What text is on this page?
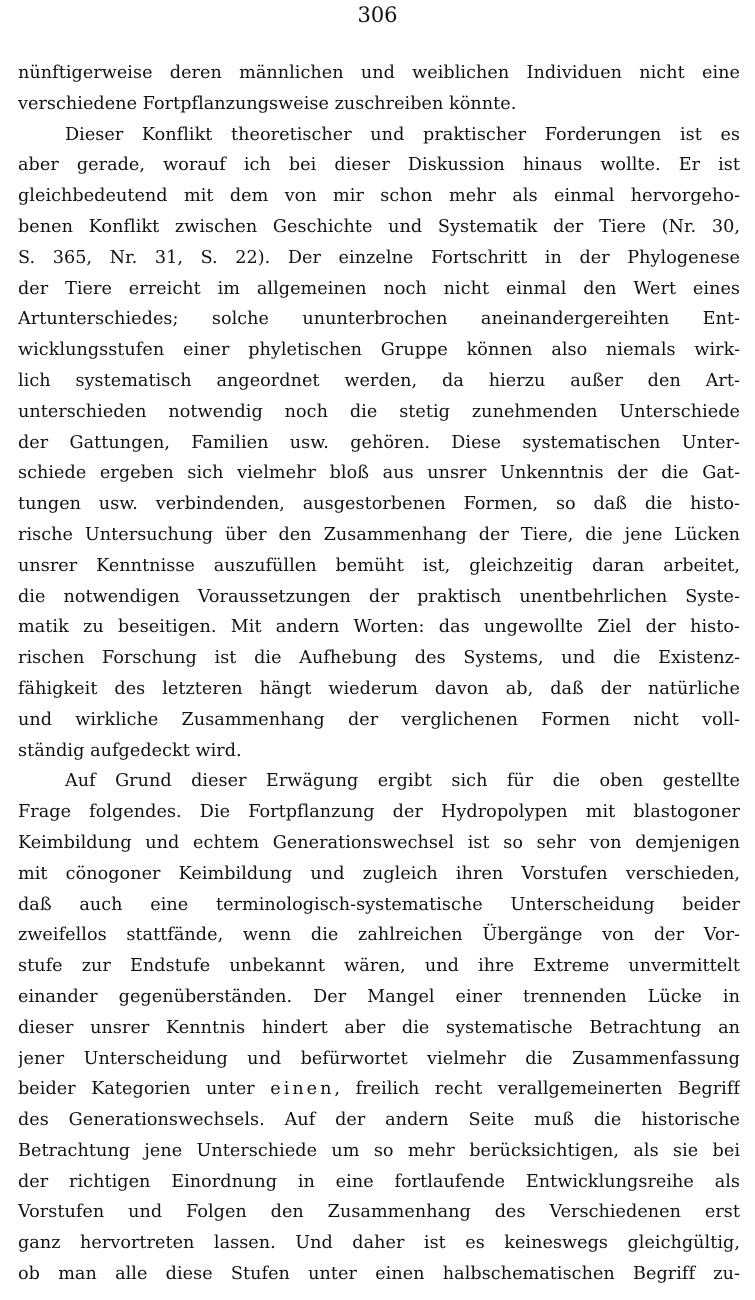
306
nünftigerweise deren männlichen und weiblichen Individuen nicht eine
verschiedene Fortpflanzungsweise zuschreiben könnte.
Dieser Konflikt theoretischer und praktischer Forderungen ist es
aber gerade, worauf ich bei dieser Diskussion hinaus wollte. Er ist
gleichbedeutend mit dem von mir schon mehr als einmal hervorgeho-
benen Konflikt zwischen Geschichte und Systematik der Tiere (Nr. 30,
S. 365, Nr. 31, S. 22). Der einzelne Fortschritt in der Phylogenese
der Tiere erreicht im allgemeinen noch nicht einmal den Wert eines
Artunterschiedes; solche ununterbrochen aneinandergereihten Ent-
wicklungsstufen einer phyletischen Gruppe können also niemals wirk-
lich systematisch angeordnet werden, da hierzu außer den Art-
unterschieden notwendig noch die stetig zunehmenden Unterschiede
der Gattungen, Familien usw. gehören. Diese systematischen Unter-
schiede ergeben sich vielmehr bloß aus unsrer Unkenntnis der die Gat-
tungen usw. verbindenden, ausgestorbenen Formen, so daß die histo-
rische Untersuchung über den Zusammenhang der Tiere, die jene Lücken
unsrer Kenntnisse auszufüllen bemüht ist, gleichzeitig daran arbeitet,
die notwendigen Voraussetzungen der praktisch unentbehrlichen Syste-
matik zu beseitigen. Mit andern Worten: das ungewollte Ziel der histo-
rischen Forschung ist die Aufhebung des Systems, und die Existenz-
fähigkeit des letzteren hängt wiederum davon ab, daß der natürliche
und wirkliche Zusammenhang der verglichenen Formen nicht voll-
ständig aufgedeckt wird.
Auf Grund dieser Erwägung ergibt sich für die oben gestellte
Frage folgendes. Die Fortpflanzung der Hydropolypen mit blastogoner
Keimbildung und echtem Generationswechsel ist so sehr von demjenigen
mit cönogoner Keimbildung und zugleich ihren Vorstufen verschieden,
daß auch eine terminologisch-systematische Unterscheidung beider
zweifellos stattfände, wenn die zahlreichen Übergänge von der Vor-
stufe zur Endstufe unbekannt wären, und ihre Extreme unvermittelt
einander gegenüberständen. Der Mangel einer trennenden Lücke in
dieser unsrer Kenntnis hindert aber die systematische Betrachtung an
jener Unterscheidung und befürwortet vielmehr die Zusammenfassung
beider Kategorien unter einen, freilich recht verallgemeinerten Begriff
des Generationswechsels. Auf der andern Seite muß die historische
Betrachtung jene Unterschiede um so mehr berücksichtigen, als sie bei
der richtigen Einordnung in eine fortlaufende Entwicklungsreihe als
Vorstufen und Folgen den Zusammenhang des Verschiedenen erst
ganz hervortreten lassen. Und daher ist es keineswegs gleichgültig,
ob man alle diese Stufen unter einen halbschematischen Begriff zu-
